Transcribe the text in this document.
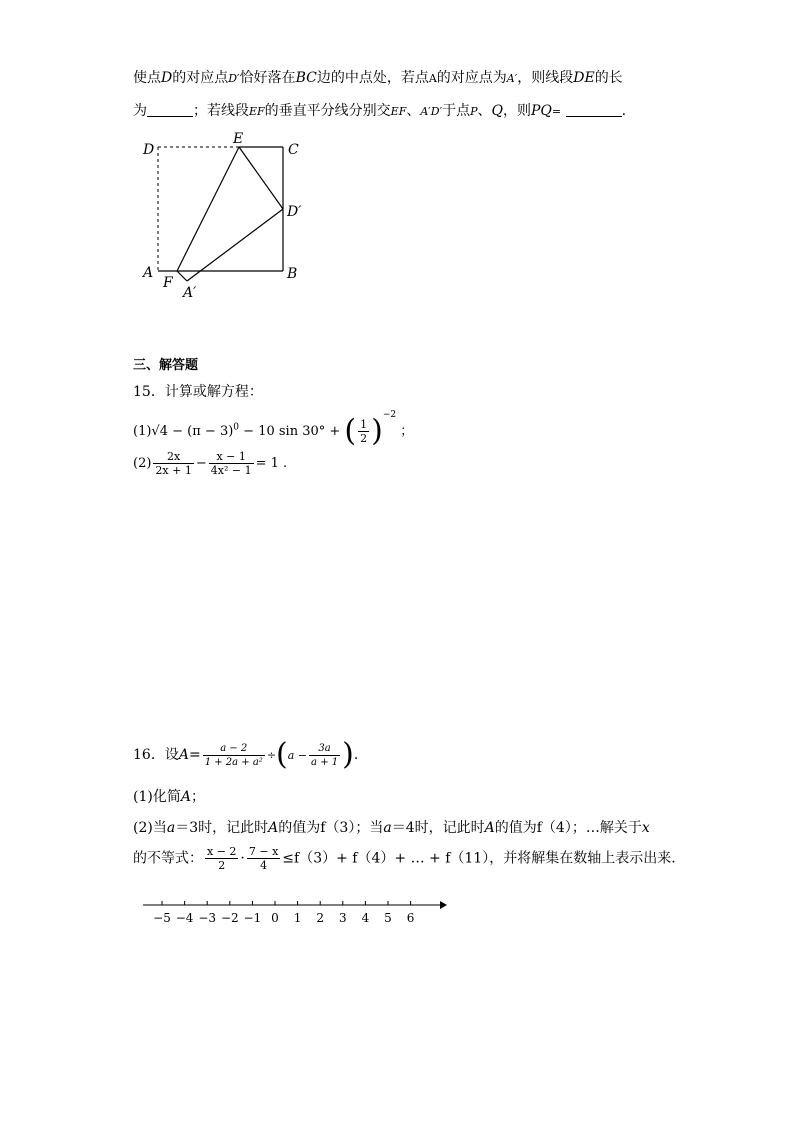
使点D的对应点D′恰好落在BC边的中点处，若点A的对应点为A′，则线段DE的长
为	；若线段EF的垂直平分线分别交EF、A′D′于点P、Q，则PQ=	.
D
E
C
D′
A	B
F
A′
三、解答题
15．计算或解方程：
$(1)√4 - (\pi - 3)^0 - 10$ sin 30° + ( $\frac{1}{2} )^{-2}$ ；
$(2) \frac{2x}{2x + 1} - \frac{x - 1}{\text{4x² − 1}} = 1$ .
16．设$A= \frac{a - 2}{\text{1 + 2a + a²}} \div(a - \frac{3a}{a + 1}$ ).
(1)化简A；
(2)当a＝3时，记此时A的值为f（3）；当a＝4时，记此时A的值为f（4）；…解关于x
的不等式： $\frac{x - 2}{2} \cdot \frac{7 - x}{4} \le f(3)+ f(4)+$ … + f（11），并将解集在数轴上表示出来.
−5 −4 −3 −2 −1 0 1 2 3 4 5 6
